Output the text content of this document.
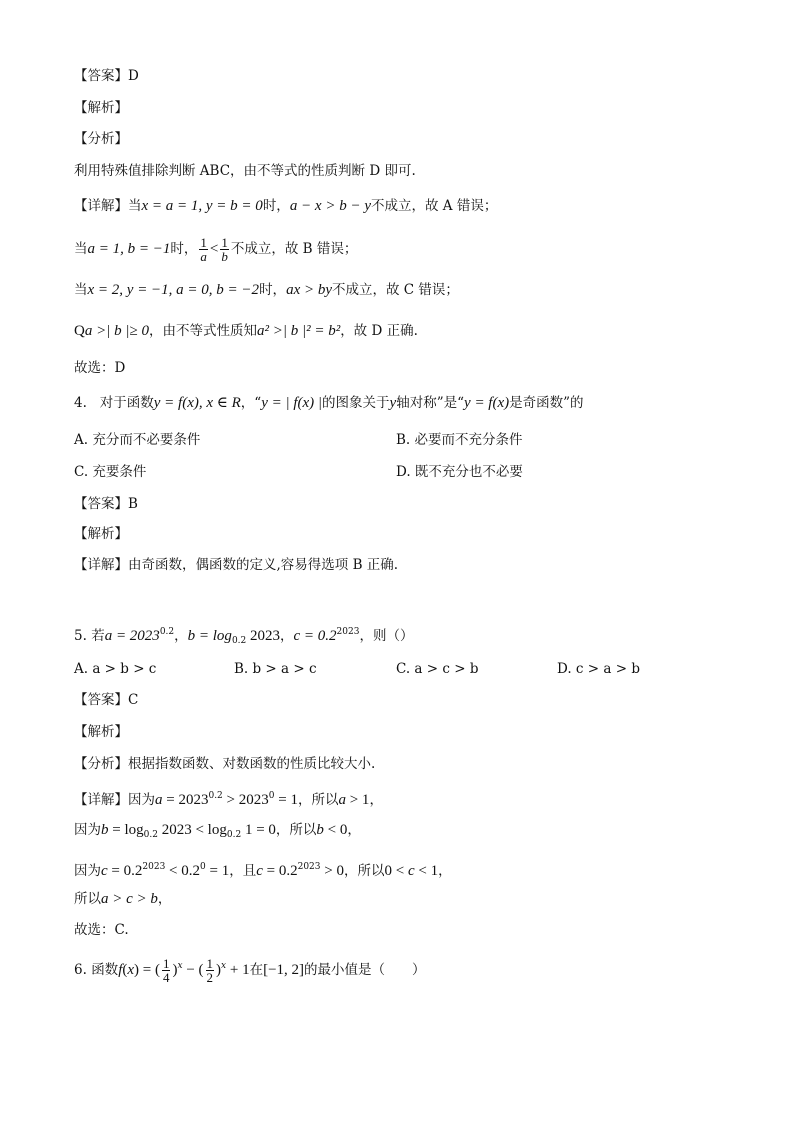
【答案】D
【解析】
【分析】
利用特殊值排除判断 ABC，由不等式的性质判断 D 即可.
【详解】当x = a = 1, y = b = 0时，a − x > b − y不成立，故 A 错误；
当a = 1, b = −1时， $\frac{1}{a} < \frac{1}{b}$ 不成立，故 B 错误；
当x = 2, y = −1, a = 0, b = −2时，ax > by不成立，故 C 错误；
Qa >| b |≥ 0，由不等式性质知a² >| b |² = b²，故 D 正确.
故选：D
4. 对于函数y = f(x), x ∈ R，“y = | f(x) |的图象关于y轴对称”是“y = f(x)是奇函数”的
A. 充分而不必要条件	B. 必要而不充分条件
C. 充要条件	D. 既不充分也不必要
【答案】B
【解析】
【详解】由奇函数，偶函数的定义,容易得选项 B 正确.
5. 若$a = 2023^{0.2}$，$b = \log_{0.2} 2023$，$c = 0.2^{2023}$，则（）
A. a > b > c	B. b > a > c	C. a > c > b	D. c > a > b
【答案】C
【解析】
【分析】根据指数函数、对数函数的性质比较大小.
【详解】因为$a = 2023^{0.2} > 2023^0 = 1$，所以a > 1，
因为$b = \log_{0.2} 2023 < \log_{0.2} 1 = 0$，所以b < 0，
因为$c = 0.2^{2023} < 0.2^0 = 1$，且$c = 0.2^{2023} > 0$，所以0 < c < 1，
所以a > c > b，
故选：C.
6. 函数f(x) = ( $\frac{1}{4} )^x$ − ( $\frac{1}{2} )^x + 1$在[−1, 2]的最小值是（　　）
